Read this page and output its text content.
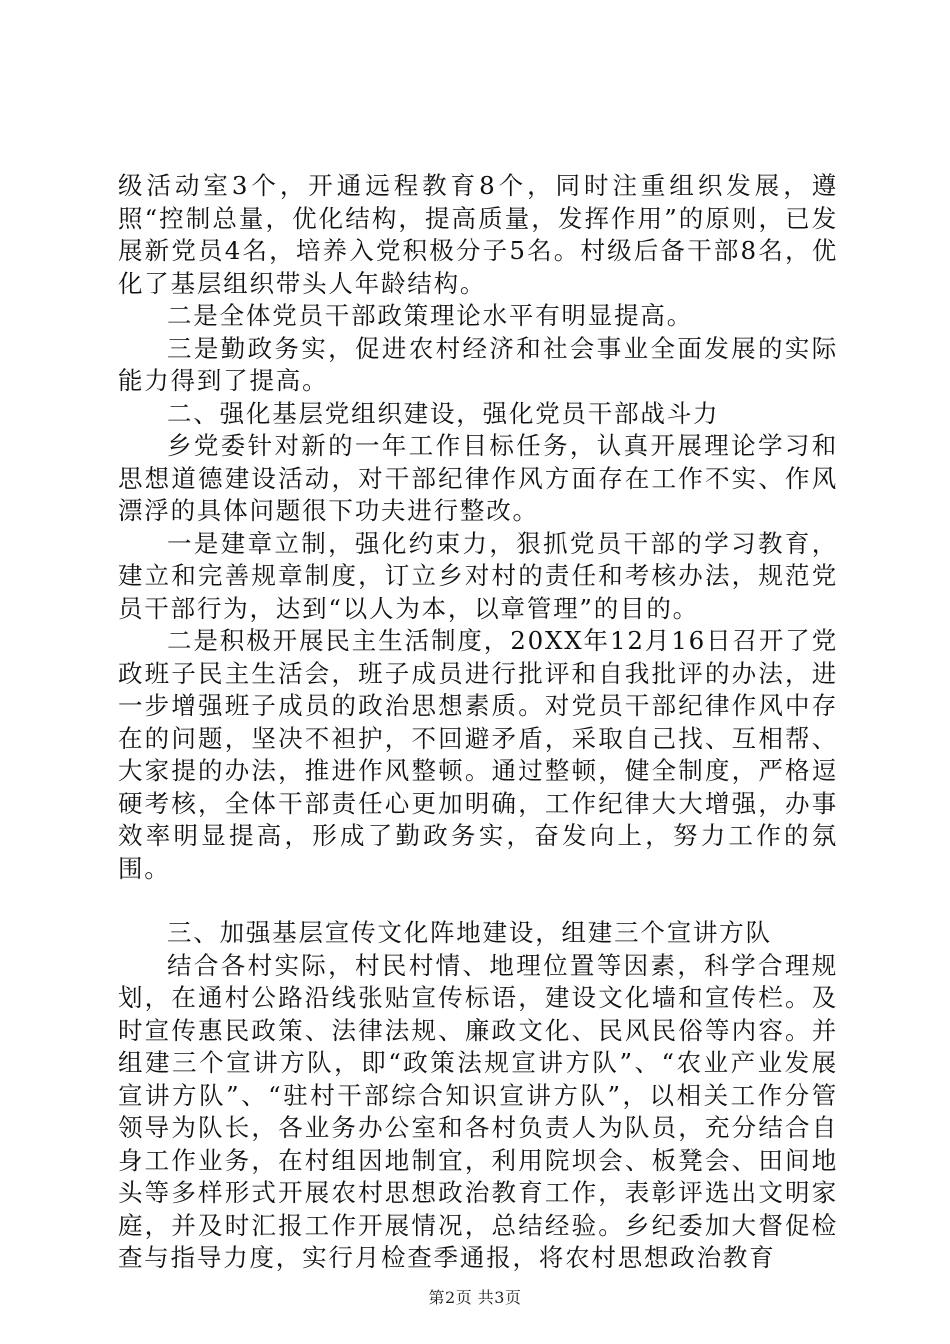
级活动室3个，开通远程教育8个，同时注重组织发展，遵照“控制总量，优化结构，提高质量，发挥作用”的原则，已发展新党员4名，培养入党积极分子5名。村级后备干部8名，优化了基层组织带头人年龄结构。

二是全体党员干部政策理论水平有明显提高。

三是勤政务实，促进农村经济和社会事业全面发展的实际能力得到了提高。

二、强化基层党组织建设，强化党员干部战斗力

乡党委针对新的一年工作目标任务，认真开展理论学习和思想道德建设活动，对干部纪律作风方面存在工作不实、作风漂浮的具体问题很下功夫进行整改。

一是建章立制，强化约束力，狠抓党员干部的学习教育，建立和完善规章制度，订立乡对村的责任和考核办法，规范党员干部行为，达到“以人为本，以章管理”的目的。

二是积极开展民主生活制度，20XX年12月16日召开了党政班子民主生活会，班子成员进行批评和自我批评的办法，进一步增强班子成员的政治思想素质。对党员干部纪律作风中存在的问题，坚决不袒护，不回避矛盾，采取自己找、互相帮、大家提的办法，推进作风整顿。通过整顿，健全制度，严格逗硬考核，全体干部责任心更加明确，工作纪律大大增强，办事效率明显提高，形成了勤政务实，奋发向上，努力工作的氛围。

三、加强基层宣传文化阵地建设，组建三个宣讲方队

结合各村实际，村民村情、地理位置等因素，科学合理规划，在通村公路沿线张贴宣传标语，建设文化墙和宣传栏。及时宣传惠民政策、法律法规、廉政文化、民风民俗等内容。并组建三个宣讲方队，即“政策法规宣讲方队”、“农业产业发展宣讲方队”、“驻村干部综合知识宣讲方队”，以相关工作分管领导为队长，各业务办公室和各村负责人为队员，充分结合自身工作业务，在村组因地制宜，利用院坝会、板凳会、田间地头等多样形式开展农村思想政治教育工作，表彰评选出文明家庭，并及时汇报工作开展情况，总结经验。乡纪委加大督促检查与指导力度，实行月检查季通报，将农村思想政治教育

第2页 共3页
